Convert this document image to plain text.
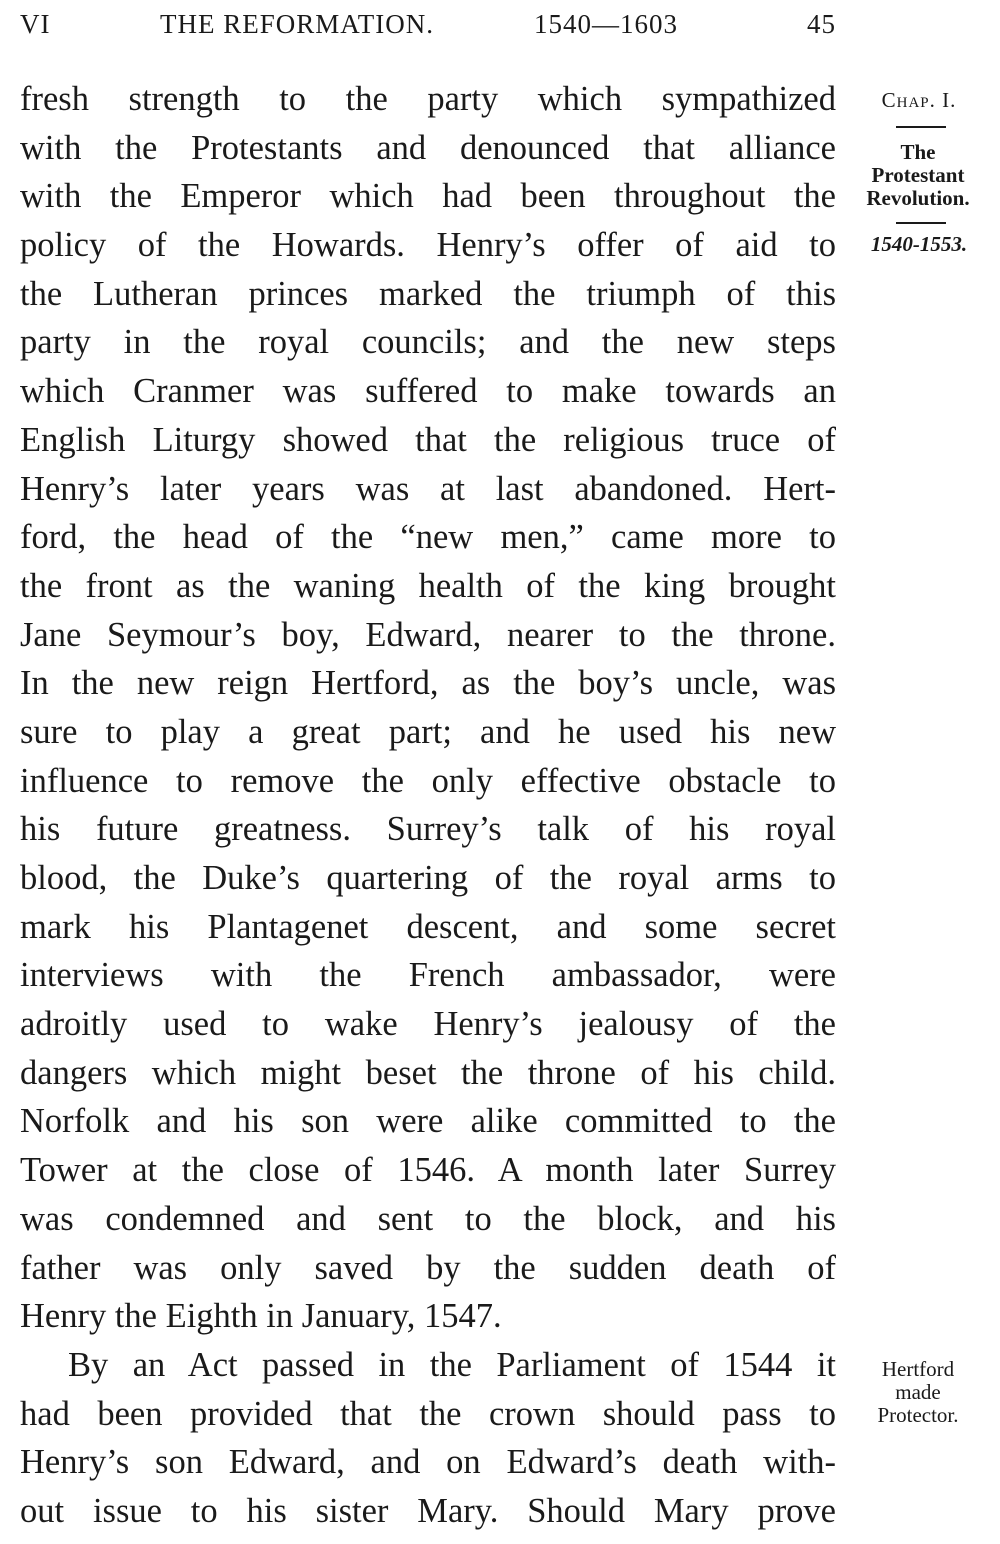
VI	THE REFORMATION.	1540—1603	45
fresh strength to the party which sympathized
with the Protestants and denounced that alliance
with the Emperor which had been throughout the
policy of the Howards. Henry’s offer of aid to
the Lutheran princes marked the triumph of this
party in the royal councils; and the new steps
which Cranmer was suffered to make towards an
English Liturgy showed that the religious truce of
Henry’s later years was at last abandoned. Hert-
ford, the head of the “new men,” came more to
the front as the waning health of the king brought
Jane Seymour’s boy, Edward, nearer to the throne.
In the new reign Hertford, as the boy’s uncle, was
sure to play a great part; and he used his new
influence to remove the only effective obstacle to
his future greatness. Surrey’s talk of his royal
blood, the Duke’s quartering of the royal arms to
mark his Plantagenet descent, and some secret
interviews with the French ambassador, were
adroitly used to wake Henry’s jealousy of the
dangers which might beset the throne of his child.
Norfolk and his son were alike committed to the
Tower at the close of 1546. A month later Surrey
was condemned and sent to the block, and his
father was only saved by the sudden death of
Henry the Eighth in January, 1547.
By an Act passed in the Parliament of 1544 it
had been provided that the crown should pass to
Henry’s son Edward, and on Edward’s death with-
out issue to his sister Mary. Should Mary prove
Chap. I.
The
Protestant
Revolution.
1540-1553.
Hertford
made
Protector.
